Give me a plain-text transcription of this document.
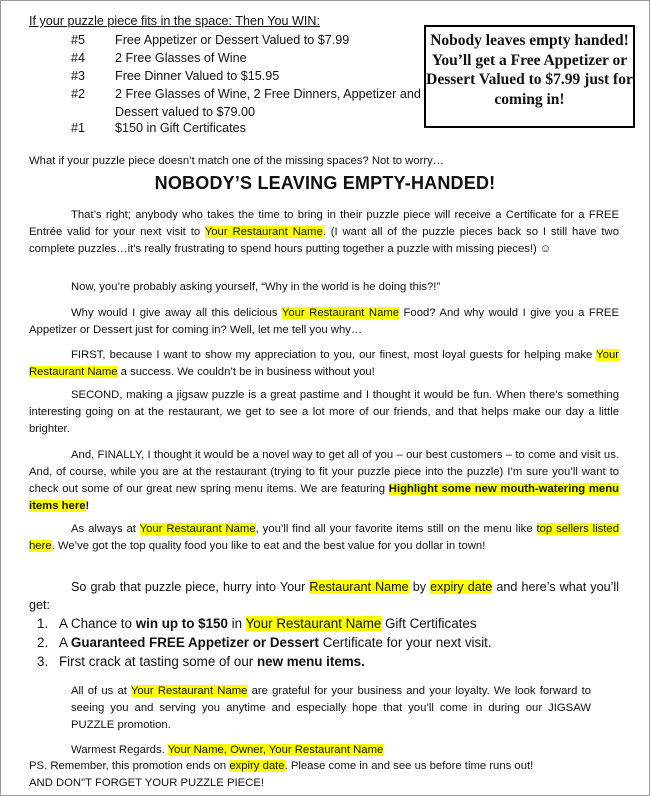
If your puzzle piece fits in the space: Then You WIN:
#5 Free Appetizer or Dessert Valued to $7.99
#4 2 Free Glasses of Wine
#3 Free Dinner Valued to $15.95
#2 2 Free Glasses of Wine, 2 Free Dinners, Appetizer and Dessert valued to $79.00
#1 $150 in Gift Certificates
Nobody leaves empty handed! You’ll get a Free Appetizer or Dessert Valued to $7.99 just for coming in!
What if your puzzle piece doesn’t match one of the missing spaces? Not to worry…
NOBODY’S LEAVING EMPTY-HANDED!

That’s right; anybody who takes the time to bring in their puzzle piece will receive a Certificate for a FREE Entrée valid for your next visit to Your Restaurant Name. (I want all of the puzzle pieces back so I still have two complete puzzles…it’s really frustrating to spend hours putting together a puzzle with missing pieces!) ☺

Now, you’re probably asking yourself, “Why in the world is he doing this?!”

Why would I give away all this delicious Your Restaurant Name Food? And why would I give you a FREE Appetizer or Dessert just for coming in? Well, let me tell you why…

FIRST, because I want to show my appreciation to you, our finest, most loyal guests for helping make Your Restaurant Name a success. We couldn’t be in business without you!

SECOND, making a jigsaw puzzle is a great pastime and I thought it would be fun. When there’s something interesting going on at the restaurant, we get to see a lot more of our friends, and that helps make our day a little brighter.

And, FINALLY, I thought it would be a novel way to get all of you – our best customers – to come and visit us. And, of course, while you are at the restaurant (trying to fit your puzzle piece into the puzzle) I’m sure you’ll want to check out some of our great new spring menu items. We are featuring Highlight some new mouth-watering menu items here!

As always at Your Restaurant Name, you’ll find all your favorite items still on the menu like top sellers listed here. We’ve got the top quality food you like to eat and the best value for you dollar in town!

So grab that puzzle piece, hurry into Your Restaurant Name by expiry date and here’s what you’ll get:

1. A Chance to win up to $150 in Your Restaurant Name Gift Certificates
2. A Guaranteed FREE Appetizer or Dessert Certificate for your next visit.
3. First crack at tasting some of our new menu items.

All of us at Your Restaurant Name are grateful for your business and your loyalty. We look forward to seeing you and serving you anytime and especially hope that you’ll come in during our JIGSAW PUZZLE promotion.

Warmest Regards. Your Name, Owner, Your Restaurant Name
PS. Remember, this promotion ends on expiry date. Please come in and see us before time runs out!
AND DON"T FORGET YOUR PUZZLE PIECE!
